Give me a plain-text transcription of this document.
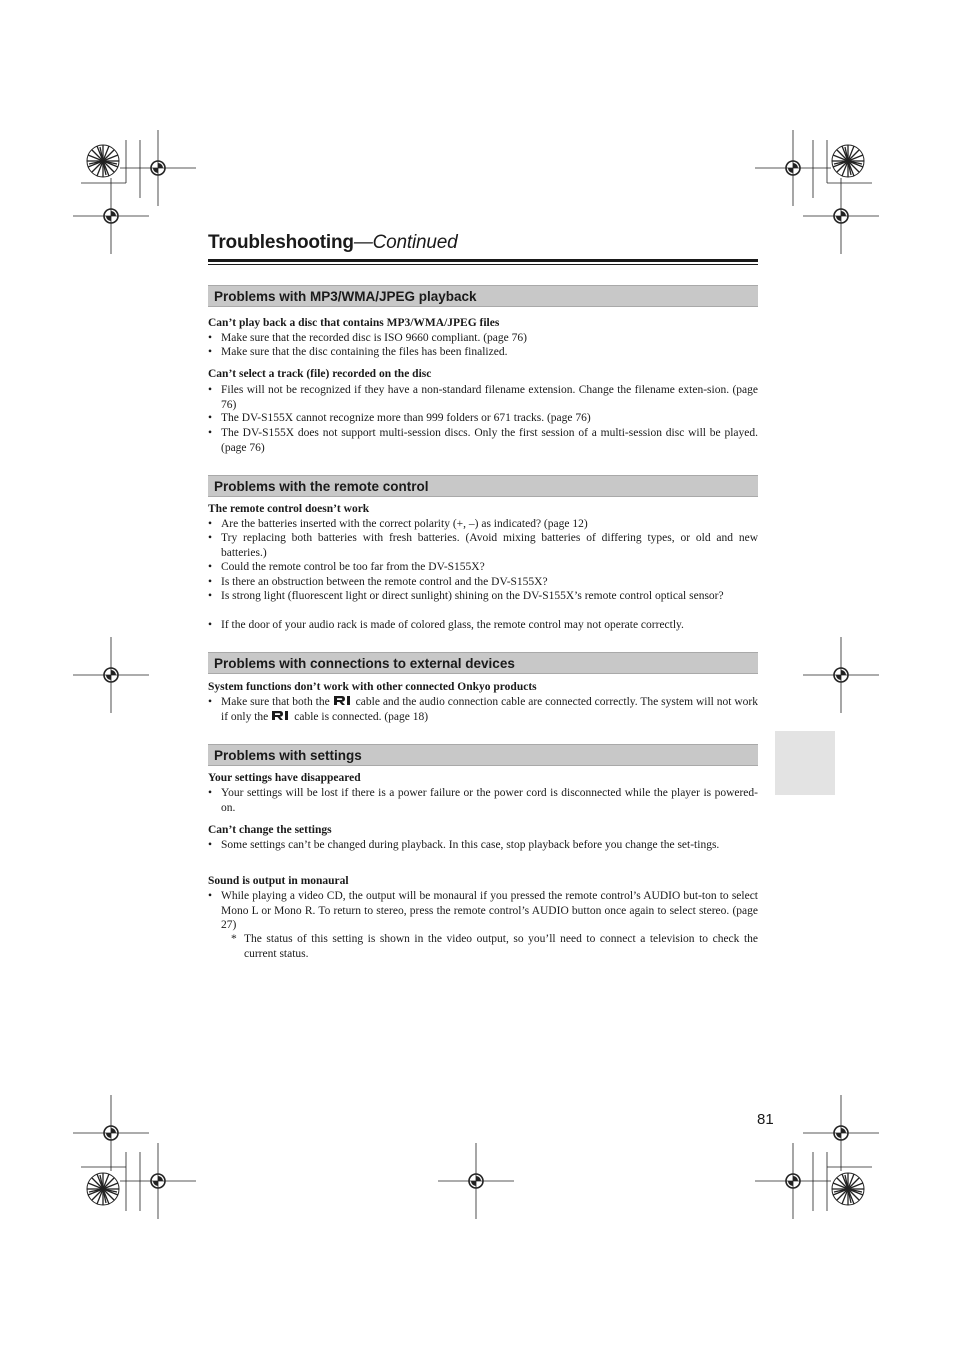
Troubleshooting—Continued
Problems with MP3/WMA/JPEG playback
Can’t play back a disc that contains MP3/WMA/JPEG files
• Make sure that the recorded disc is ISO 9660 compliant. (page 76)
• Make sure that the disc containing the files has been finalized.
Can’t select a track (file) recorded on the disc
• Files will not be recognized if they have a non-standard filename extension. Change the filename exten-sion. (page 76)
• The DV-S155X cannot recognize more than 999 folders or 671 tracks. (page 76)
• The DV-S155X does not support multi-session discs. Only the first session of a multi-session disc will be played. (page 76)
Problems with the remote control
The remote control doesn’t work
• Are the batteries inserted with the correct polarity (+, –) as indicated? (page 12)
• Try replacing both batteries with fresh batteries. (Avoid mixing batteries of differing types, or old and new batteries.)
• Could the remote control be too far from the DV-S155X?
• Is there an obstruction between the remote control and the DV-S155X?
• Is strong light (fluorescent light or direct sunlight) shining on the DV-S155X’s remote control optical sensor?
• If the door of your audio rack is made of colored glass, the remote control may not operate correctly.
Problems with connections to external devices
System functions don’t work with other connected Onkyo products
• Make sure that both the cable and the audio connection cable are connected correctly. The system will not work if only the cable is connected. (page 18)
Problems with settings
Your settings have disappeared
• Your settings will be lost if there is a power failure or the power cord is disconnected while the player is powered-on.
Can’t change the settings
• Some settings can’t be changed during playback. In this case, stop playback before you change the set-tings.
Sound is output in monaural
• While playing a video CD, the output will be monaural if you pressed the remote control’s AUDIO but-ton to select Mono L or Mono R. To return to stereo, press the remote control’s AUDIO button once again to select stereo. (page 27)
* The status of this setting is shown in the video output, so you’ll need to connect a television to check the current status.
81
